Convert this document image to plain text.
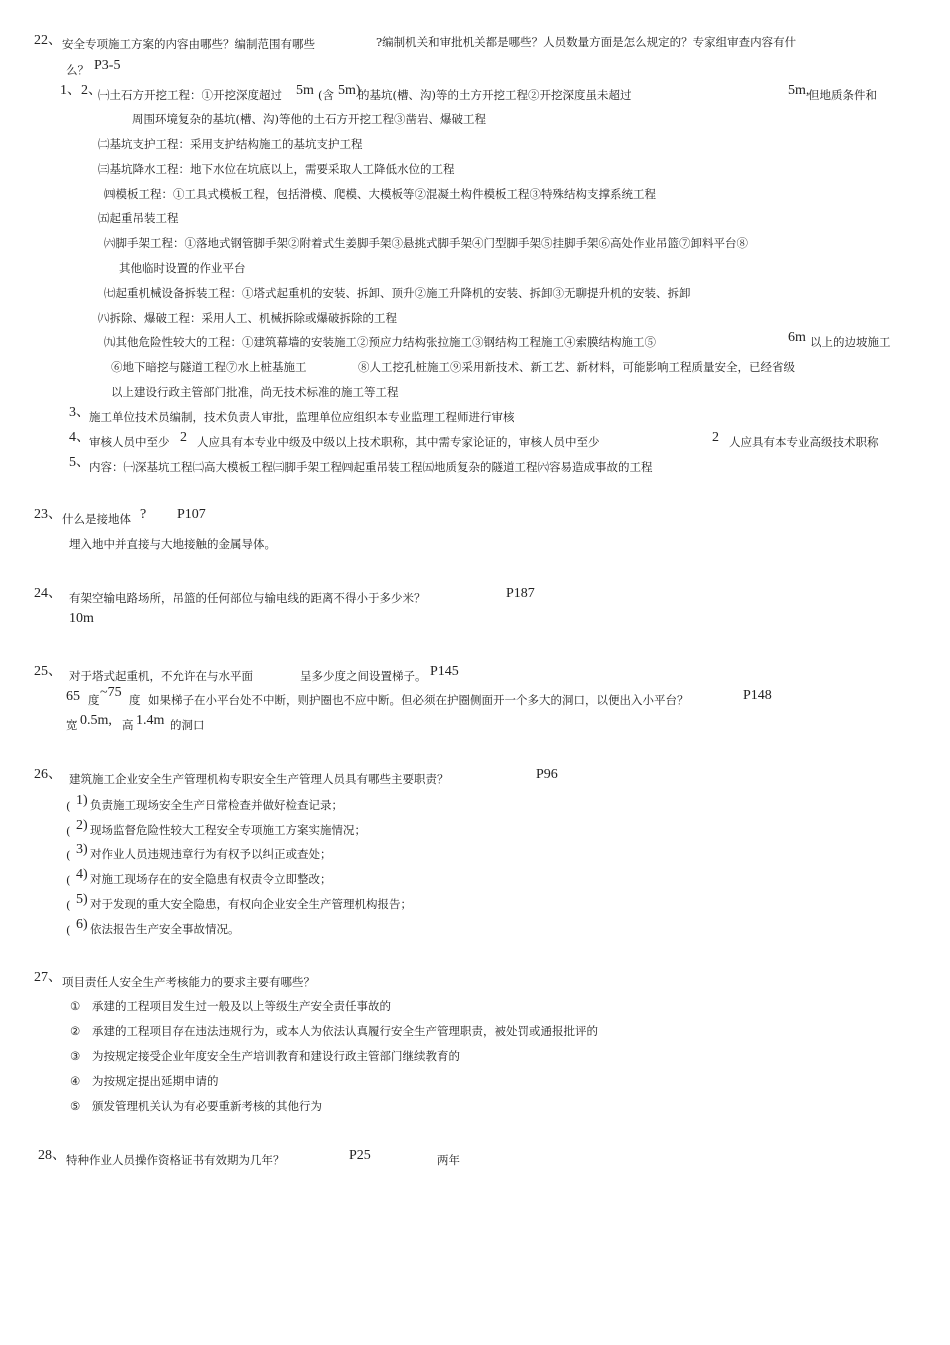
22、 安全专项施工方案的内容由哪些？编制范围有哪些	?编制机关和审批机关都是哪些？人员数量方面是怎么规定的？专家组审查内容有什
么？ P3-5
1、2、
㈠土石方开挖工程：①开挖深度超过 5m (含 5m)
的基坑(槽、沟)等的土方开挖工程②开挖深度虽未超过	5m,
但地质条件和
周围环境复杂的基坑(槽、沟)等他的土石方开挖工程③凿岩、爆破工程
㈡基坑支护工程：采用支护结构施工的基坑支护工程
㈢基坑降水工程：地下水位在坑底以上，需要采取人工降低水位的工程
㈣模板工程：①工具式模板工程，包括滑模、爬模、大模板等②混凝土构件模板工程③特殊结构支撑系统工程
㈤起重吊装工程
㈥脚手架工程：①落地式钢管脚手架②附着式生姜脚手架③悬挑式脚手架④门型脚手架⑤挂脚手架⑥高处作业吊篮⑦卸料平台⑧
其他临时设置的作业平台
㈦起重机械设备拆装工程：①塔式起重机的安装、拆卸、顶升②施工升降机的安装、拆卸③无聊提升机的安装、拆卸
㈧拆除、爆破工程：采用人工、机械拆除或爆破拆除的工程
㈨其他危险性较大的工程：①建筑幕墙的安装施工②预应力结构张拉施工③钢结构工程施工④索膜结构施工⑤	6m 以上的边坡施工
⑥地下暗挖与隧道工程⑦水上桩基施工	⑧人工挖孔桩施工⑨采用新技术、新工艺、新材料，可能影响工程质量安全，已经省级
以上建设行政主管部门批准，尚无技术标准的施工等工程
3、 施工单位技术员编制，技术负责人审批，监理单位应组织本专业监理工程师进行审核
4、 审核人员中至少 2 人应具有本专业中级及中级以上技术职称，其中需专家论证的，审核人员中至少	2 人应具有本专业高级技术职称
5、 内容：㈠深基坑工程㈡高大模板工程㈢脚手架工程㈣起重吊装工程㈤地质复杂的隧道工程㈥容易造成事故的工程
23、 什么是接地体 ? P107
埋入地中并直接与大地接触的金属导体。
24、 有架空输电路场所，吊篮的任何部位与输电线的距离不得小于多少米？	P187
10m
25、 对于塔式起重机，不允许在与水平面	呈多少度之间设置梯子。 P145
65 度 ~75 度 如果梯子在小平台处不中断，则护圈也不应中断。但必须在护圈侧面开一个多大的洞口，以便出入小平台？	P148
宽 0.5m, 高 1.4m 的洞口
26、 建筑施工企业安全生产管理机构专职安全生产管理人员具有哪些主要职责？	P96
( 1) 负责施工现场安全生产日常检查并做好检查记录；
( 2) 现场监督危险性较大工程安全专项施工方案实施情况；
( 3) 对作业人员违规违章行为有权予以纠正或查处；
( 4) 对施工现场存在的安全隐患有权责令立即整改；
( 5) 对于发现的重大安全隐患，有权向企业安全生产管理机构报告；
( 6) 依法报告生产安全事故情况。
27、 项目责任人安全生产考核能力的要求主要有哪些？
① 承建的工程项目发生过一般及以上等级生产安全责任事故的
② 承建的工程项目存在违法违规行为，或本人为依法认真履行安全生产管理职责，被处罚或通报批评的
③ 为按规定接受企业年度安全生产培训教育和建设行政主管部门继续教育的
④ 为按规定提出延期申请的
⑤ 颁发管理机关认为有必要重新考核的其他行为
28、 特种作业人员操作资格证书有效期为几年？	P25	两年
